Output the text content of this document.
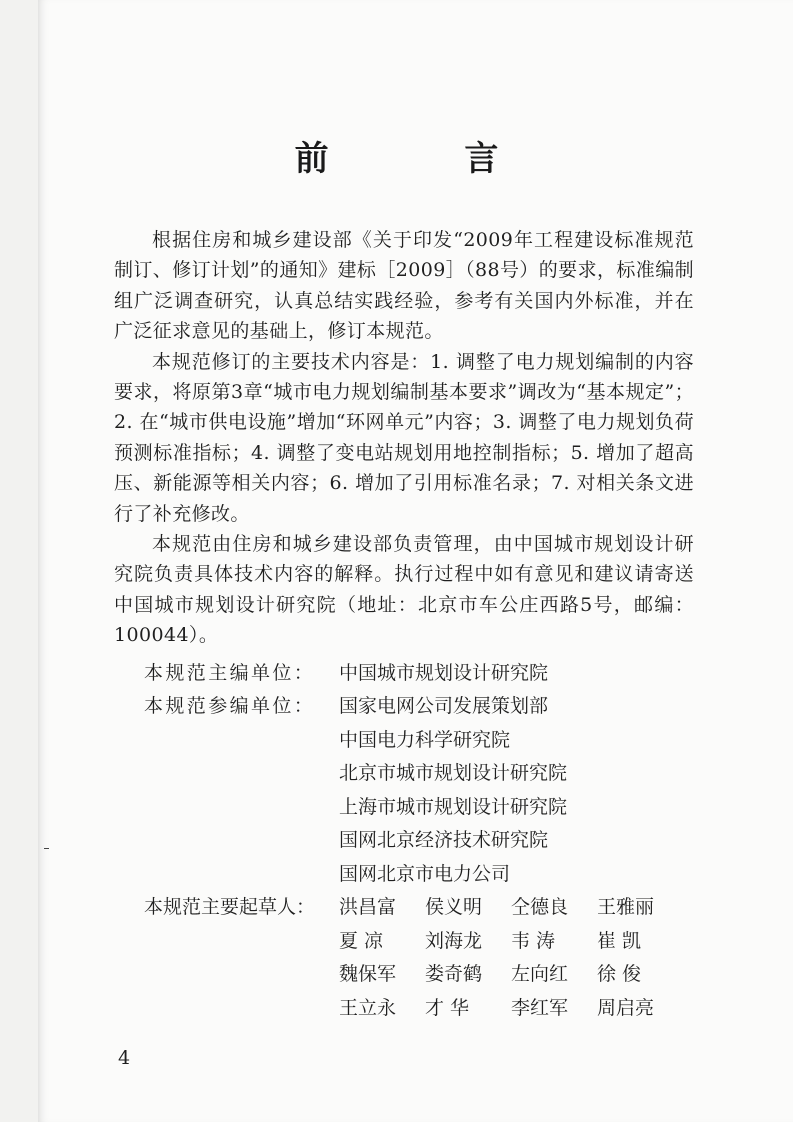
前 言

根据住房和城乡建设部《关于印发“2009年工程建设标准规范制订、修订计划”的通知》建标［2009］（88号）的要求，标准编制组广泛调查研究，认真总结实践经验，参考有关国内外标准，并在广泛征求意见的基础上，修订本规范。

本规范修订的主要技术内容是：1. 调整了电力规划编制的内容要求，将原第3章“城市电力规划编制基本要求”调改为“基本规定”；2. 在“城市供电设施”增加“环网单元”内容；3. 调整了电力规划负荷预测标准指标；4. 调整了变电站规划用地控制指标；5. 增加了超高压、新能源等相关内容；6. 增加了引用标准名录；7. 对相关条文进行了补充修改。

本规范由住房和城乡建设部负责管理，由中国城市规划设计研究院负责具体技术内容的解释。执行过程中如有意见和建议请寄送中国城市规划设计研究院（地址：北京市车公庄西路5号，邮编：100044）。

本规范主编单位：	中国城市规划设计研究院
本规范参编单位：	国家电网公司发展策划部
中国电力科学研究院
北京市城市规划设计研究院
上海市城市规划设计研究院
国网北京经济技术研究院
国网北京市电力公司
本规范主要起草人：	洪昌富	侯义明	仝德良	王雅丽
夏 凉	刘海龙	韦 涛	崔 凯
魏保军	娄奇鹤	左向红	徐 俊
王立永	才 华	李红军	周启亮
4
